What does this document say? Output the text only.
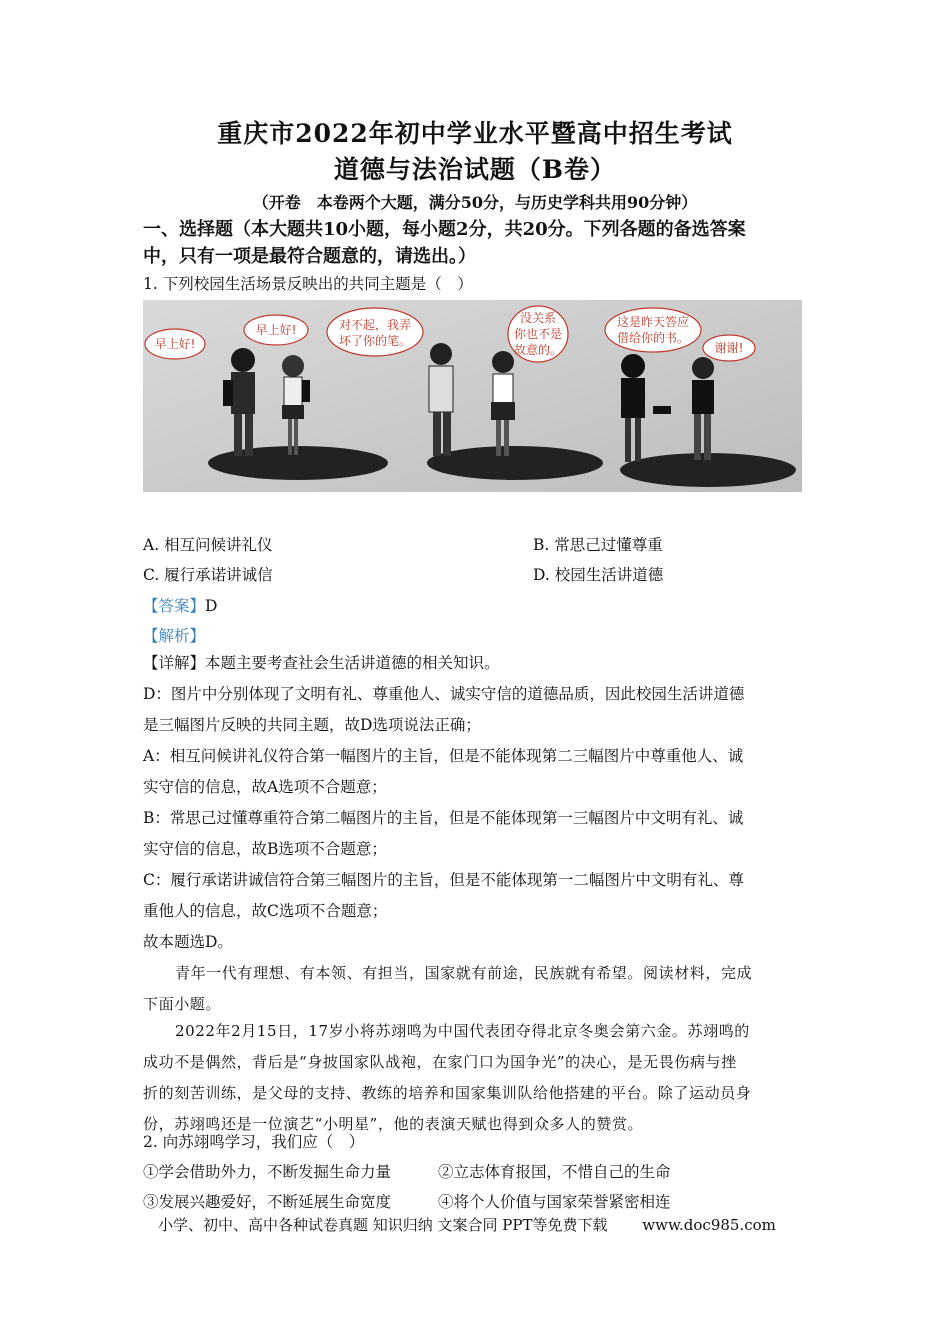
重庆市2022年初中学业水平暨高中招生考试
道德与法治试题（B卷）
（开卷　本卷两个大题，满分50分，与历史学科共用90分钟）
一、选择题（本大题共10小题，每小题2分，共20分。下列各题的备选答案
中，只有一项是最符合题意的，请选出。）
1. 下列校园生活场景反映出的共同主题是（　）
早上好!
早上好!	对不起，我弄
坏了你的笔。
没关系
你也不是
故意的。
这是昨天答应
借给你的书。
谢谢!
A. 相互问候讲礼仪	B. 常思己过懂尊重
C. 履行承诺讲诚信	D. 校园生活讲道德
【答案】D
【解析】
【详解】本题主要考查社会生活讲道德的相关知识。
D：图片中分别体现了文明有礼、尊重他人、诚实守信的道德品质，因此校园生活讲道德
是三幅图片反映的共同主题，故D选项说法正确；
A：相互问候讲礼仪符合第一幅图片的主旨，但是不能体现第二三幅图片中尊重他人、诚
实守信的信息，故A选项不合题意；
B：常思己过懂尊重符合第二幅图片的主旨，但是不能体现第一三幅图片中文明有礼、诚
实守信的信息，故B选项不合题意；
C：履行承诺讲诚信符合第三幅图片的主旨，但是不能体现第一二幅图片中文明有礼、尊
重他人的信息，故C选项不合题意；
故本题选D。
青年一代有理想、有本领、有担当，国家就有前途，民族就有希望。阅读材料，完成
下面小题。
2022年2月15日，17岁小将苏翊鸣为中国代表团夺得北京冬奥会第六金。苏翊鸣的
成功不是偶然，背后是“身披国家队战袍，在家门口为国争光”的决心，是无畏伤病与挫
折的刻苦训练，是父母的支持、教练的培养和国家集训队给他搭建的平台。除了运动员身
份，苏翊鸣还是一位演艺“小明星”，他的表演天赋也得到众多人的赞赏。
2. 向苏翊鸣学习，我们应（　）
①学会借助外力，不断发掘生命力量	②立志体育报国，不惜自己的生命
③发展兴趣爱好，不断延展生命宽度	④将个人价值与国家荣誉紧密相连
小学、初中、高中各种试卷真题 知识归纳 文案合同 PPT等免费下载 www.doc985.com
